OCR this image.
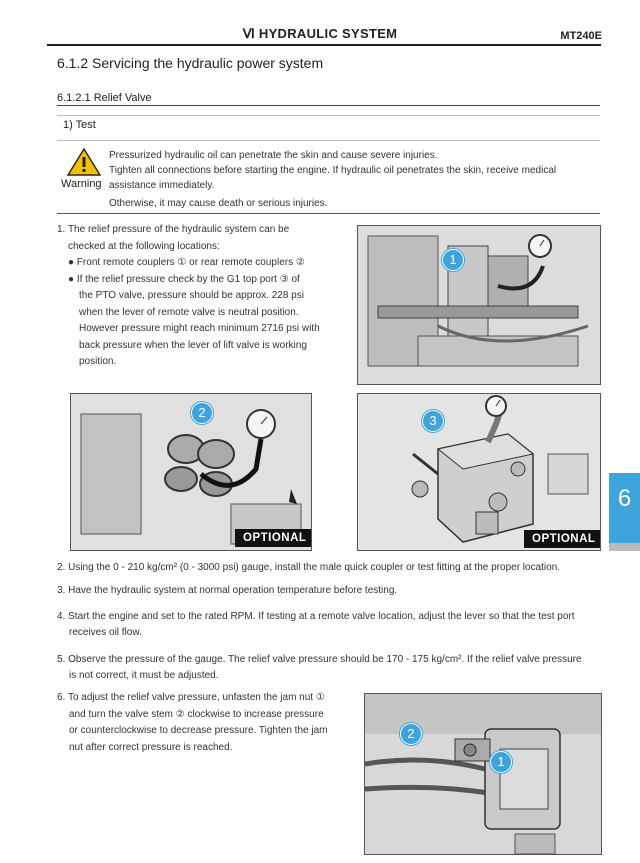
Ⅵ HYDRAULIC SYSTEM	MT240E
6.1.2 Servicing the hydraulic power system
6.1.2.1 Relief Valve
1) Test
Warning
Pressurized hydraulic oil can penetrate the skin and cause severe injuries.
Tighten all connections before starting the engine. If hydraulic oil penetrates the skin, receive medical
assistance immediately.
Otherwise, it may cause death or serious injuries.
1. The relief pressure of the hydraulic system can be
checked at the following locations:
● Front remote couplers ① or rear remote couplers ②
● If the relief pressure check by the G1 top port ③ of
the PTO valve, pressure should be approx. 228 psi
when the lever of remote valve is neutral position.
However pressure might reach minimum 2716 psi with
back pressure when the lever of lift valve is working
position.
1
2
OPTIONAL
3
OPTIONAL
6
2. Using the 0 - 210 kg/cm² (0 - 3000 psi) gauge, install the male quick coupler or test fitting at the proper location.
3. Have the hydraulic system at normal operation temperature before testing.
4. Start the engine and set to the rated RPM. If testing at a remote valve location, adjust the lever so that the test port
receives oil flow.
5. Observe the pressure of the gauge. The relief valve pressure should be 170 - 175 kg/cm². If the relief valve pressure
is not correct, it must be adjusted.
6. To adjust the relief valve pressure, unfasten the jam nut ①
and turn the valve stem ② clockwise to increase pressure
or counterclockwise to decrease pressure. Tighten the jam
nut after correct pressure is reached.
2
1
